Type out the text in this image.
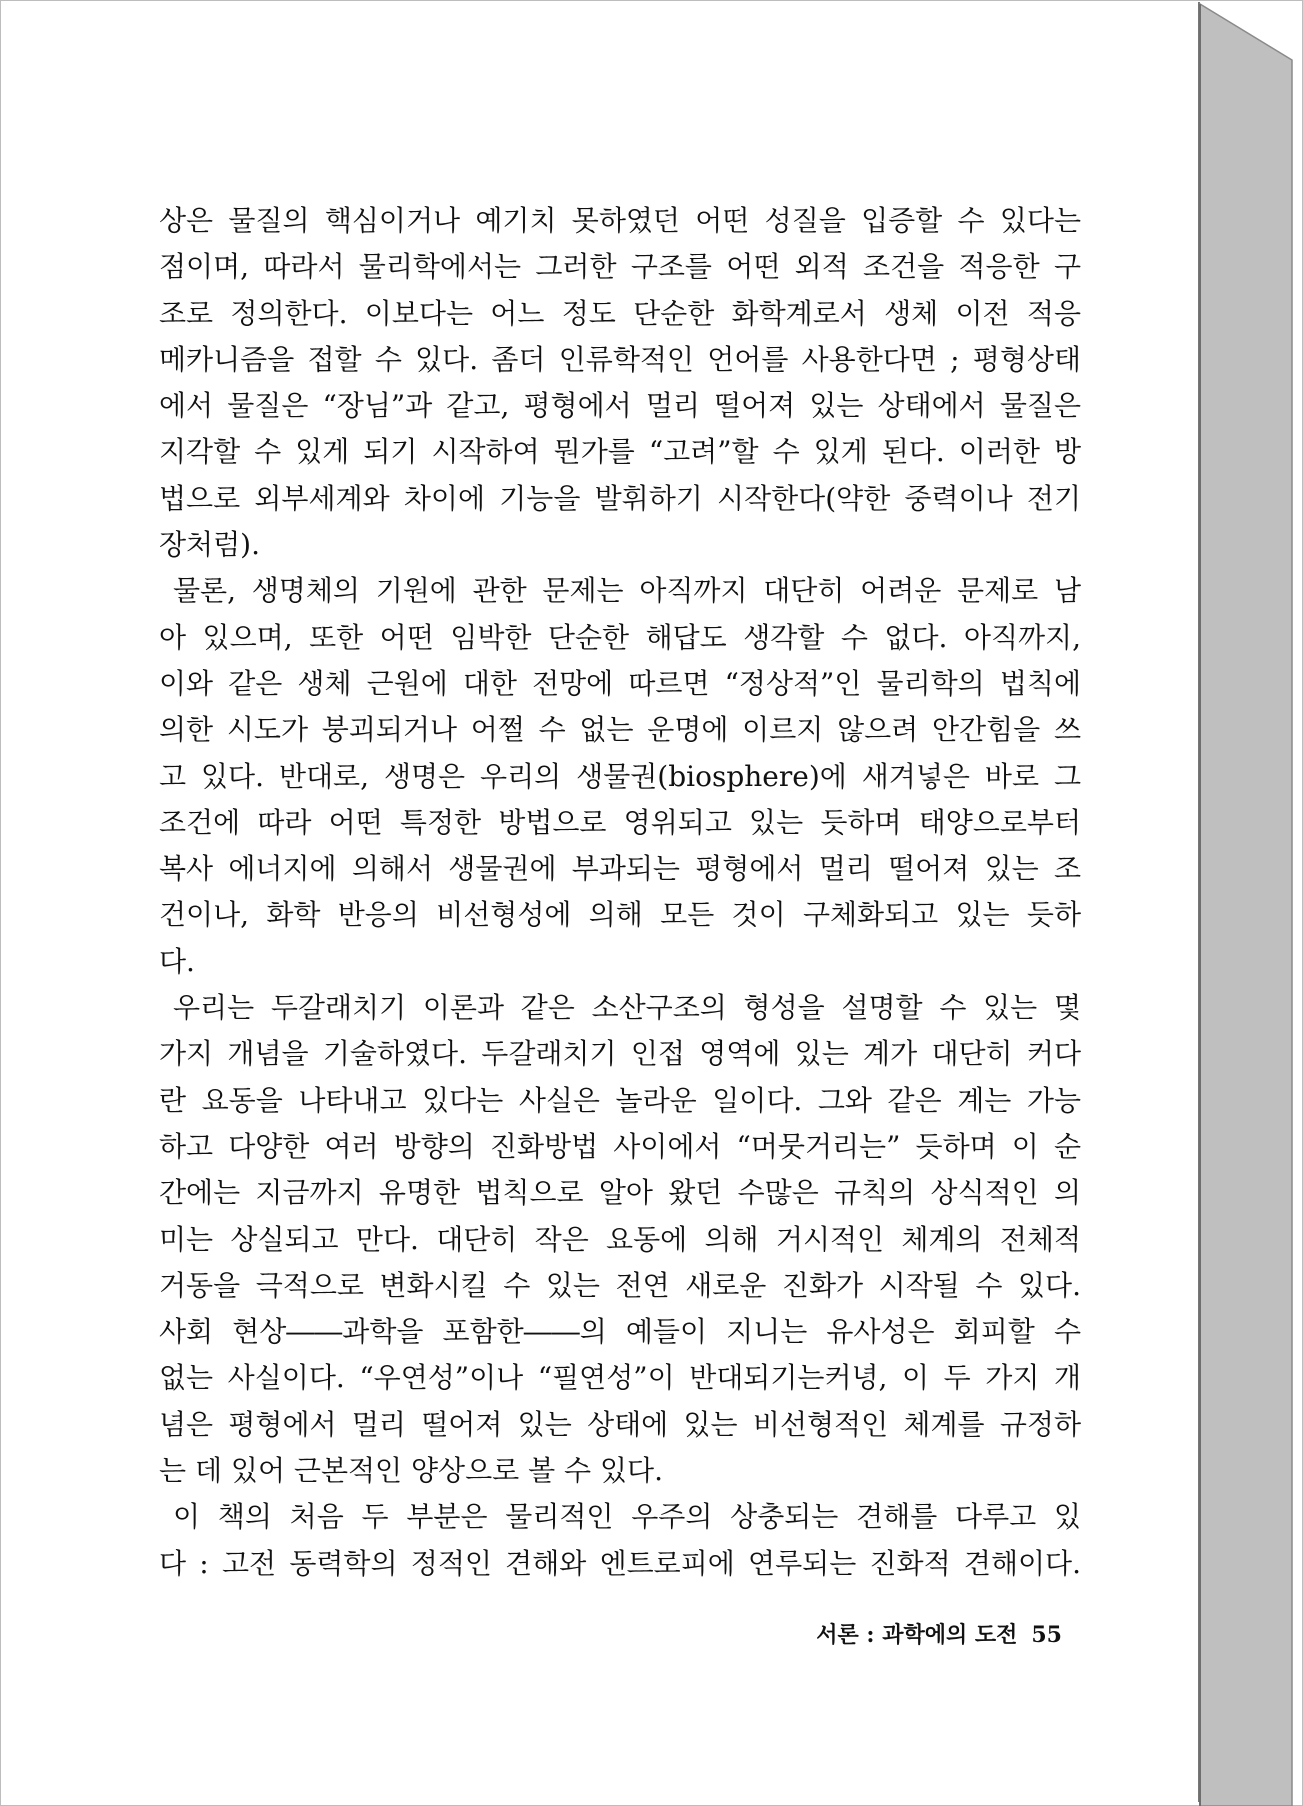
상은 물질의 핵심이거나 예기치 못하였던 어떤 성질을 입증할 수 있다는
점이며, 따라서 물리학에서는 그러한 구조를 어떤 외적 조건을 적응한 구
조로 정의한다. 이보다는 어느 정도 단순한 화학계로서 생체 이전 적응
메카니즘을 접할 수 있다. 좀더 인류학적인 언어를 사용한다면 ; 평형상태
에서 물질은 “장님”과 같고, 평형에서 멀리 떨어져 있는 상태에서 물질은
지각할 수 있게 되기 시작하여 뭔가를 “고려”할 수 있게 된다. 이러한 방
법으로 외부세계와 차이에 기능을 발휘하기 시작한다(약한 중력이나 전기
장처럼).
물론, 생명체의 기원에 관한 문제는 아직까지 대단히 어려운 문제로 남
아 있으며, 또한 어떤 임박한 단순한 해답도 생각할 수 없다. 아직까지,
이와 같은 생체 근원에 대한 전망에 따르면 “정상적”인 물리학의 법칙에
의한 시도가 붕괴되거나 어쩔 수 없는 운명에 이르지 않으려 안간힘을 쓰
고 있다. 반대로, 생명은 우리의 생물권(biosphere)에 새겨넣은 바로 그
조건에 따라 어떤 특정한 방법으로 영위되고 있는 듯하며 태양으로부터
복사 에너지에 의해서 생물권에 부과되는 평형에서 멀리 떨어져 있는 조
건이나, 화학 반응의 비선형성에 의해 모든 것이 구체화되고 있는 듯하
다.
우리는 두갈래치기 이론과 같은 소산구조의 형성을 설명할 수 있는 몇
가지 개념을 기술하였다. 두갈래치기 인접 영역에 있는 계가 대단히 커다
란 요동을 나타내고 있다는 사실은 놀라운 일이다. 그와 같은 계는 가능
하고 다양한 여러 방향의 진화방법 사이에서 “머뭇거리는” 듯하며 이 순
간에는 지금까지 유명한 법칙으로 알아 왔던 수많은 규칙의 상식적인 의
미는 상실되고 만다. 대단히 작은 요동에 의해 거시적인 체계의 전체적
거동을 극적으로 변화시킬 수 있는 전연 새로운 진화가 시작될 수 있다.
사회 현상――과학을 포함한――의 예들이 지니는 유사성은 회피할 수
없는 사실이다. “우연성”이나 “필연성”이 반대되기는커녕, 이 두 가지 개
념은 평형에서 멀리 떨어져 있는 상태에 있는 비선형적인 체계를 규정하
는 데 있어 근본적인 양상으로 볼 수 있다.
이 책의 처음 두 부분은 물리적인 우주의 상충되는 견해를 다루고 있
다 : 고전 동력학의 정적인 견해와 엔트로피에 연루되는 진화적 견해이다.
서론 : 과학에의 도전 55
